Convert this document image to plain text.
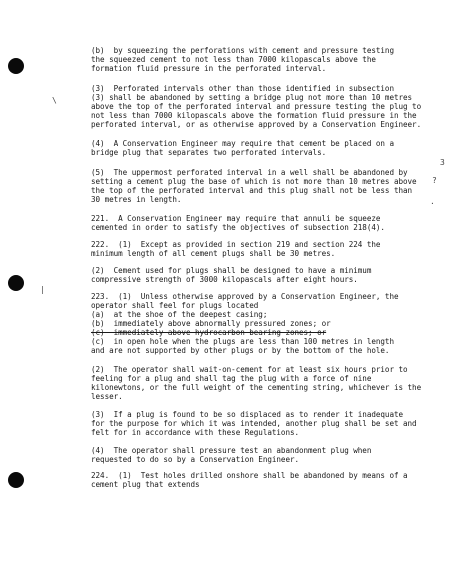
\
3
?
.
|
(b)  by squeezing the perforations with cement and pressure testing
the squeezed cement to not less than 7000 kilopascals above the
formation fluid pressure in the perforated interval.
(3)  Perforated intervals other than those identified in subsection
(3) shall be abandoned by setting a bridge plug not more than 10 metres
above the top of the perforated interval and pressure testing the plug to
not less than 7000 kilopascals above the formation fluid pressure in the
perforated interval, or as otherwise approved by a Conservation Engineer.
(4)  A Conservation Engineer may require that cement be placed on a
bridge plug that separates two perforated intervals.
(5)  The uppermost perforated interval in a well shall be abandoned by
setting a cement plug the base of which is not more than 10 metres above
the top of the perforated interval and this plug shall not be less than
30 metres in length.
221.  A Conservation Engineer may require that annuli be squeeze
cemented in order to satisfy the objectives of subsection 218(4).
222.  (1)  Except as provided in section 219 and section 224 the
minimum length of all cement plugs shall be 30 metres.
(2)  Cement used for plugs shall be designed to have a minimum
compressive strength of 3000 kilopascals after eight hours.
223.  (1)  Unless otherwise approved by a Conservation Engineer, the
operator shall feel for plugs located
(a)  at the shoe of the deepest casing;
(b)  immediately above abnormally pressured zones; or
(c)  immediately above hydrocarbon bearing zones; or
(c)  in open hole when the plugs are less than 100 metres in length
and are not supported by other plugs or by the bottom of the hole.
(2)  The operator shall wait-on-cement for at least six hours prior to
feeling for a plug and shall tag the plug with a force of nine
kilonewtons, or the full weight of the cementing string, whichever is the
lesser.
(3)  If a plug is found to be so displaced as to render it inadequate
for the purpose for which it was intended, another plug shall be set and
felt for in accordance with these Regulations.
(4)  The operator shall pressure test an abandonment plug when
requested to do so by a Conservation Engineer.
224.  (1)  Test holes drilled onshore shall be abandoned by means of a
cement plug that extends
